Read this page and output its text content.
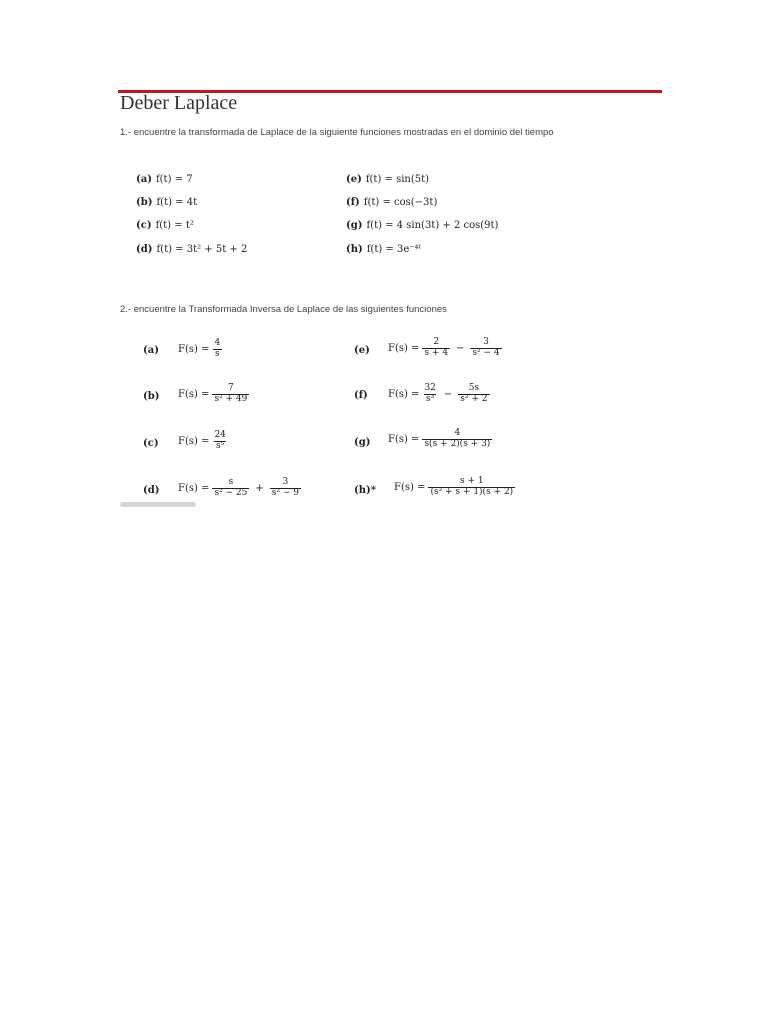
Deber Laplace
1.- encuentre la transformada de Laplace de la siguiente funciones mostradas en el dominio del tiempo
(a) f(t) = 7
(b) f(t) = 4t
(c) f(t) = t²
(d) f(t) = 3t² + 5t + 2
(e) f(t) = sin(5t)
(f) f(t) = cos(−3t)
(g) f(t) = 4 sin(3t) + 2 cos(9t)
(h) f(t) = 3e⁻⁴ᵗ
2.- encuentre la Transformada Inversa de Laplace de las siguientes funciones
(a) $F(s) = \frac{4}{s}$
(b) $F(s) = \frac{7}{\text{s² + 49}}$
(c) $F(s) = \frac{24}{\text{s⁵}}$
(d) $F(s) = \frac{s}{\text{s² − 25}} + \frac{3}{\text{s² − 9}}$
(e) $F(s) = \frac{2}{s + 4} - \frac{3}{\text{s² − 4}}$
(f) $F(s) = \frac{32}{\text{s³}} - \frac{5s}{\text{s² + 2}}$
(g) $F(s) = \frac{4}{s(s + 2)(s + 3)}$
(h)* $F(s) = \frac{s + 1}{\text{(s² + s + 1)(s + 2)}}$
